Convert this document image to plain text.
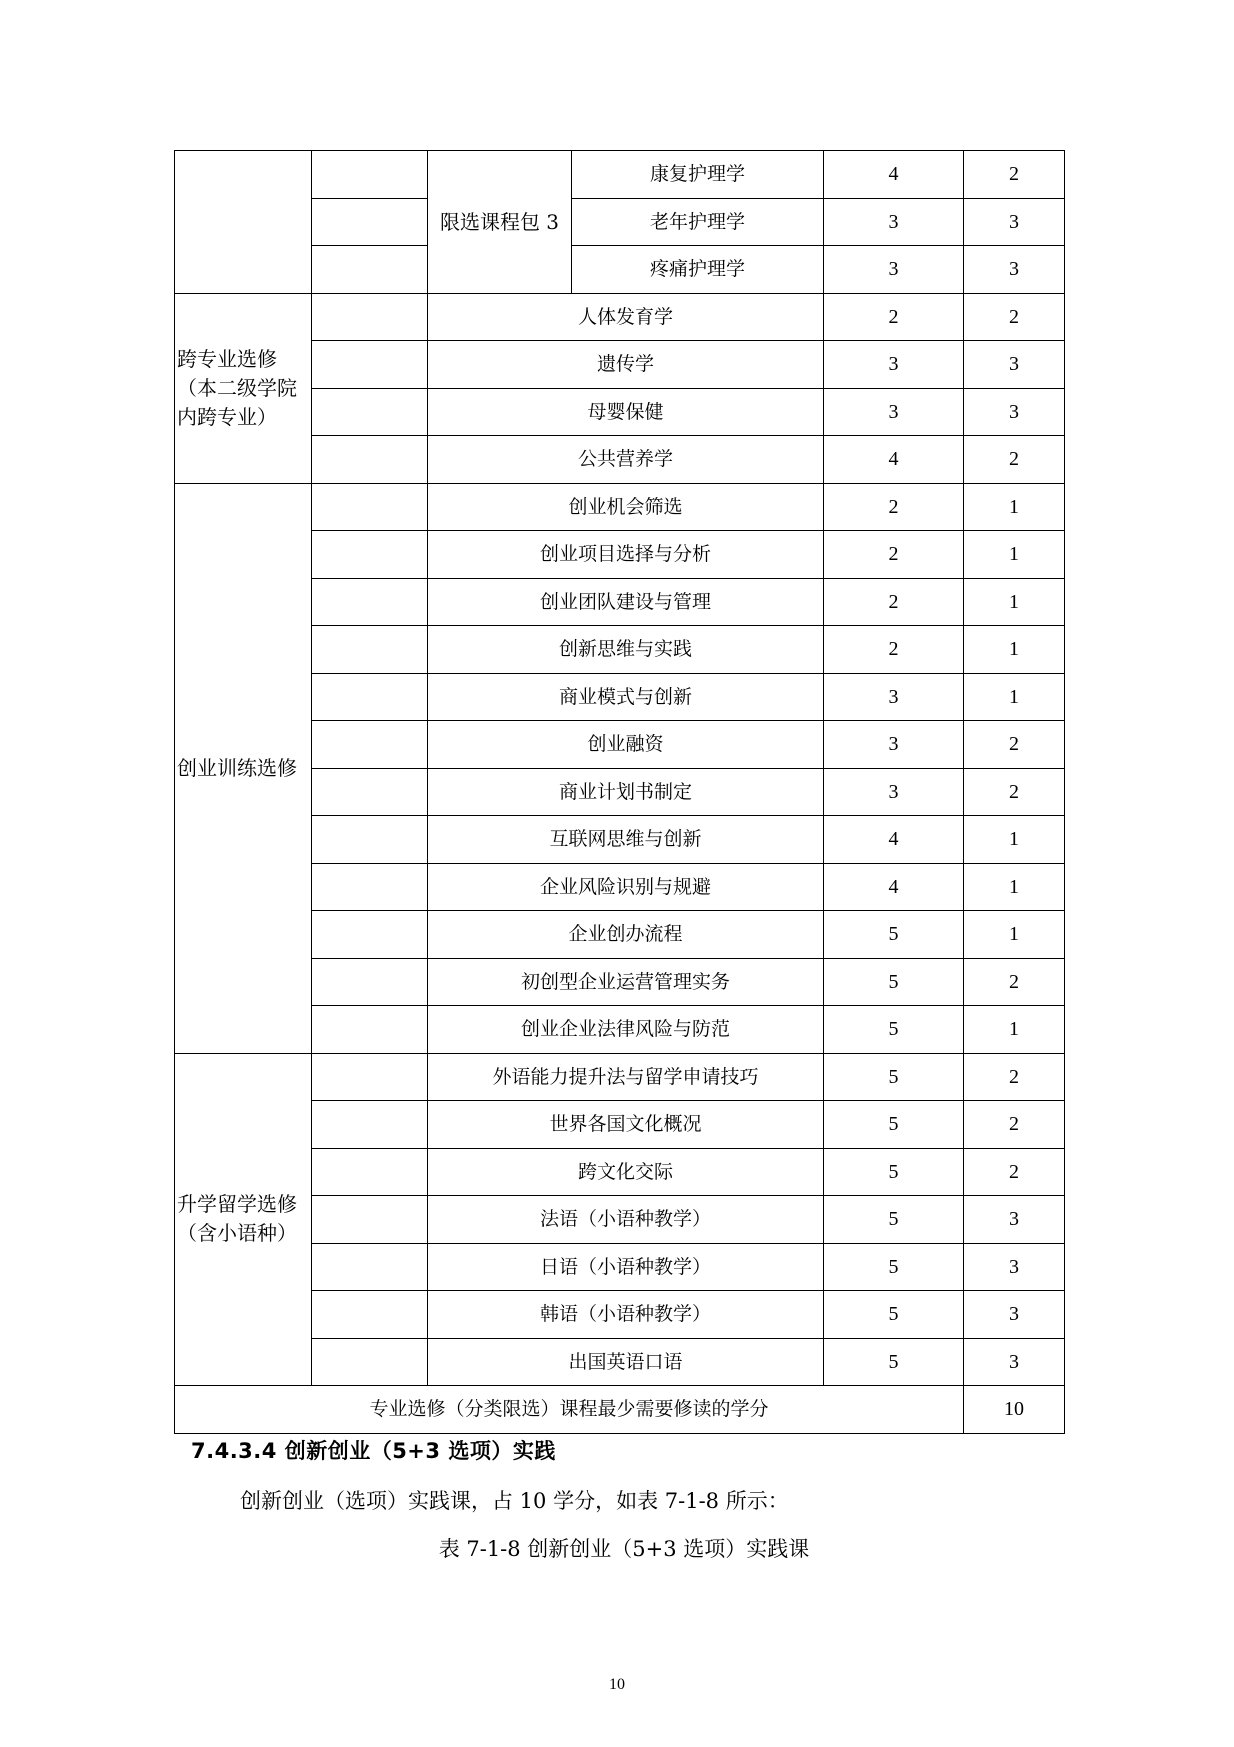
		限选课程包 3	康复护理学	4	2
			老年护理学	3	3
			疼痛护理学	3	3
跨专业选修（本二级学院内跨专业）		人体发育学		2	2
		遗传学		3	3
		母婴保健		3	3
		公共营养学		4	2
创业训练选修		创业机会筛选		2	1
		创业项目选择与分析		2	1
		创业团队建设与管理		2	1
		创新思维与实践		2	1
		商业模式与创新		3	1
		创业融资		3	2
		商业计划书制定		3	2
		互联网思维与创新		4	1
		企业风险识别与规避		4	1
		企业创办流程		5	1
		初创型企业运营管理实务		5	2
		创业企业法律风险与防范		5	1
升学留学选修（含小语种）		外语能力提升法与留学申请技巧		5	2
		世界各国文化概况		5	2
		跨文化交际		5	2
		法语（小语种教学）		5	3
		日语（小语种教学）		5	3
		韩语（小语种教学）		5	3
		出国英语口语		5	3
专业选修（分类限选）课程最少需要修读的学分					10
7.4.3.4 创新创业（5+3 选项）实践
创新创业（选项）实践课，占 10 学分，如表 7-1-8 所示：
表 7-1-8 创新创业（5+3 选项）实践课
10
